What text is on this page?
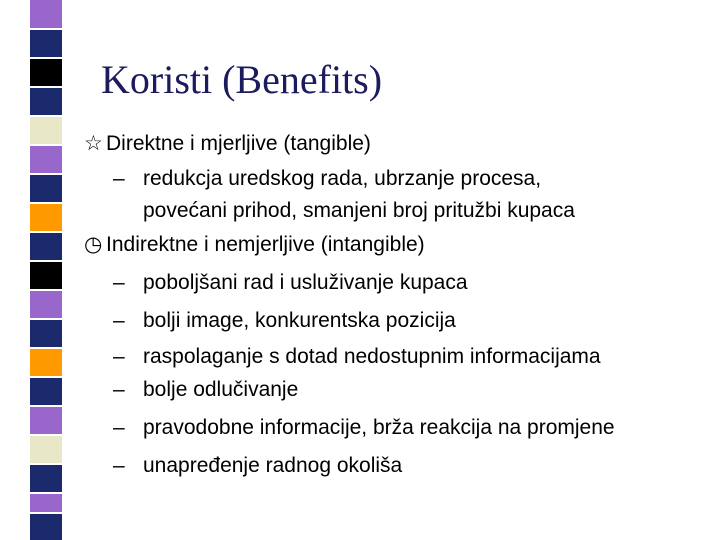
Koristi (Benefits)
☆ Direktne i mjerljive (tangible)
– redukcja uredskog rada, ubrzanje procesa,
povećani prihod, smanjeni broj pritužbi kupaca
◷ Indirektne i nemjerljive (intangible)
– poboljšani rad i usluživanje kupaca
– bolji image, konkurentska pozicija
– raspolaganje s dotad nedostupnim informacijama
– bolje odlučivanje
– pravodobne informacije, brža reakcija na promjene
– unapređenje radnog okoliša
